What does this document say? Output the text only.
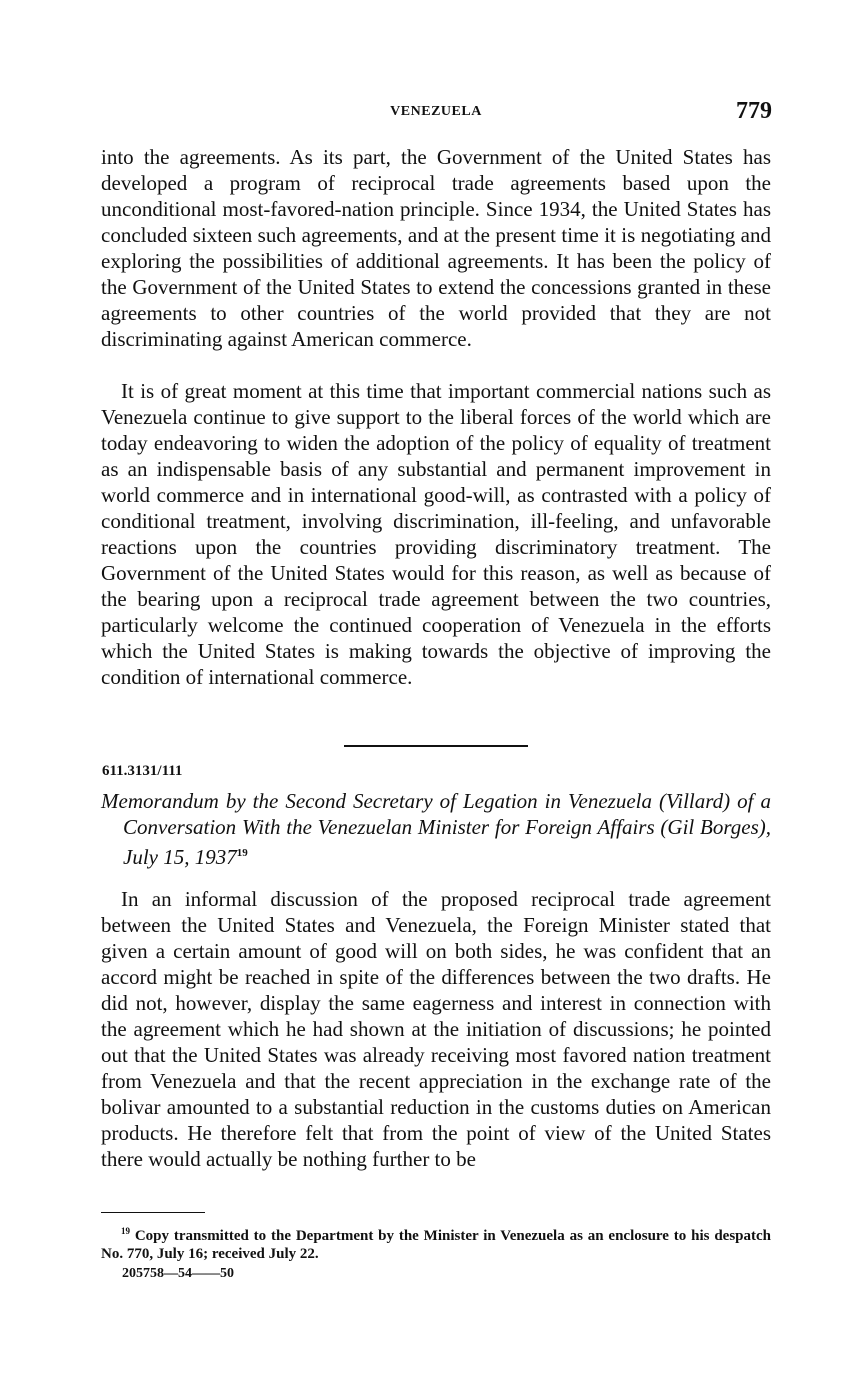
VENEZUELA	779

into the agreements. As its part, the Government of the United States has developed a program of reciprocal trade agreements based upon the unconditional most-favored-nation principle. Since 1934, the United States has concluded sixteen such agreements, and at the present time it is negotiating and exploring the possibilities of additional agreements. It has been the policy of the Government of the United States to extend the concessions granted in these agreements to other countries of the world provided that they are not discriminating against American commerce.

It is of great moment at this time that important commercial nations such as Venezuela continue to give support to the liberal forces of the world which are today endeavoring to widen the adoption of the policy of equality of treatment as an indispensable basis of any substantial and permanent improvement in world commerce and in international good-will, as contrasted with a policy of conditional treatment, involving discrimination, ill-feeling, and unfavorable reactions upon the countries providing discriminatory treatment. The Government of the United States would for this reason, as well as because of the bearing upon a reciprocal trade agreement between the two countries, particularly welcome the continued cooperation of Venezuela in the efforts which the United States is making towards the objective of improving the condition of international commerce.

611.3131/111

Memorandum by the Second Secretary of Legation in Venezuela (Villard) of a Conversation With the Venezuelan Minister for Foreign Affairs (Gil Borges), July 15, 1937$^{19}$

In an informal discussion of the proposed reciprocal trade agreement between the United States and Venezuela, the Foreign Minister stated that given a certain amount of good will on both sides, he was confident that an accord might be reached in spite of the differences between the two drafts. He did not, however, display the same eagerness and interest in connection with the agreement which he had shown at the initiation of discussions; he pointed out that the United States was already receiving most favored nation treatment from Venezuela and that the recent appreciation in the exchange rate of the bolivar amounted to a substantial reduction in the customs duties on American products. He therefore felt that from the point of view of the United States there would actually be nothing further to be

$^{19}$ Copy transmitted to the Department by the Minister in Venezuela as an enclosure to his despatch No. 770, July 16; received July 22.

205758—54——50
